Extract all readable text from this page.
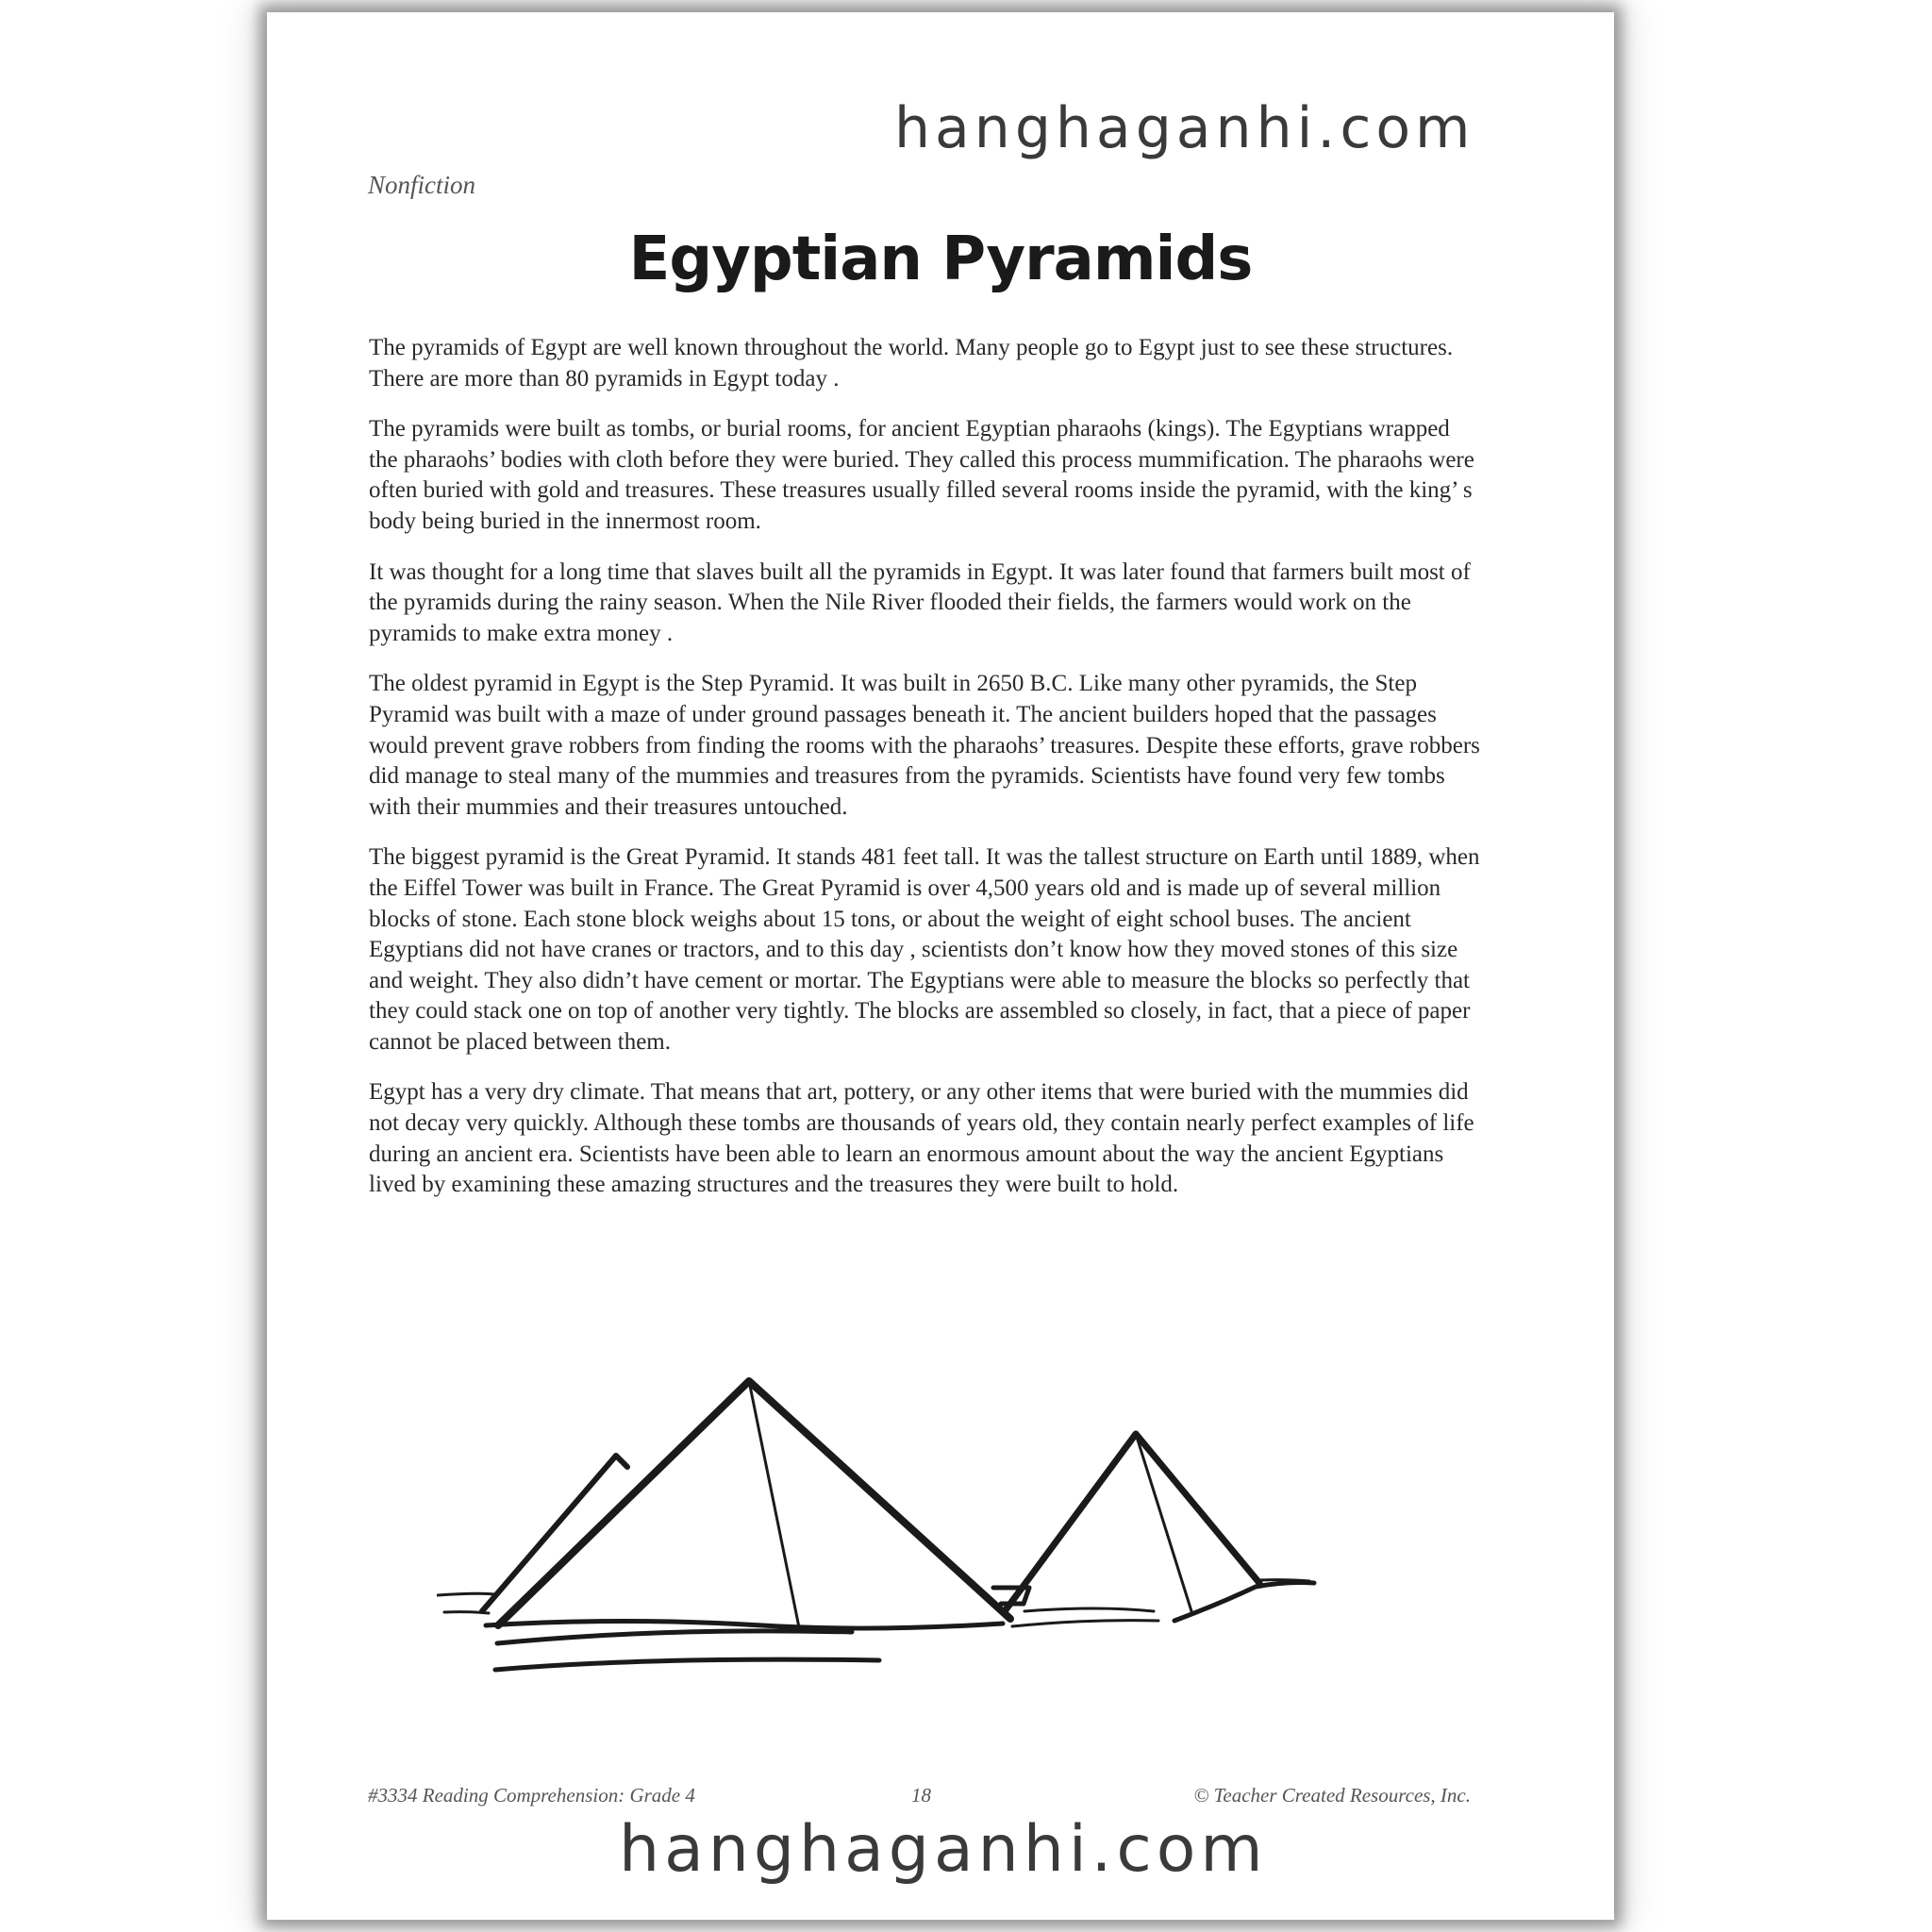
hanghaganhi.com
Nonfiction
Egyptian Pyramids

The pyramids of Egypt are well known throughout the world. Many people go to Egypt just to see these structures. There are more than 80 pyramids in Egypt today .

The pyramids were built as tombs, or burial rooms, for ancient Egyptian pharaohs (kings). The Egyptians wrapped the pharaohs’ bodies with cloth before they were buried. They called this process mummification. The pharaohs were often buried with gold and treasures. These treasures usually filled several rooms inside the pyramid, with the king’ s body being buried in the innermost room.

It was thought for a long time that slaves built all the pyramids in Egypt. It was later found that farmers built most of the pyramids during the rainy season. When the Nile River flooded their fields, the farmers would work on the pyramids to make extra money .

The oldest pyramid in Egypt is the Step Pyramid. It was built in 2650 B.C. Like many other pyramids, the Step Pyramid was built with a maze of under ground passages beneath it. The ancient builders hoped that the passages would prevent grave robbers from finding the rooms with the pharaohs’ treasures. Despite these efforts, grave robbers did manage to steal many of the mummies and treasures from the pyramids. Scientists have found very few tombs with their mummies and their treasures untouched.

The biggest pyramid is the Great Pyramid. It stands 481 feet tall. It was the tallest structure on Earth until 1889, when the Eiffel Tower was built in France. The Great Pyramid is over 4,500 years old and is made up of several million blocks of stone. Each stone block weighs about 15 tons, or about the weight of eight school buses. The ancient Egyptians did not have cranes or tractors, and to this day , scientists don’t know how they moved stones of this size and weight. They also didn’t have cement or mortar. The Egyptians were able to measure the blocks so perfectly that they could stack one on top of another very tightly. The blocks are assembled so closely, in fact, that a piece of paper cannot be placed between them.

Egypt has a very dry climate. That means that art, pottery, or any other items that were buried with the mummies did not decay very quickly. Although these tombs are thousands of years old, they contain nearly perfect examples of life during an ancient era. Scientists have been able to learn an enormous amount about the way the ancient Egyptians lived by examining these amazing structures and the treasures they were built to hold.

#3334 Reading Comprehension: Grade 4	18	© Teacher Created Resources, Inc.
hanghaganhi.com
